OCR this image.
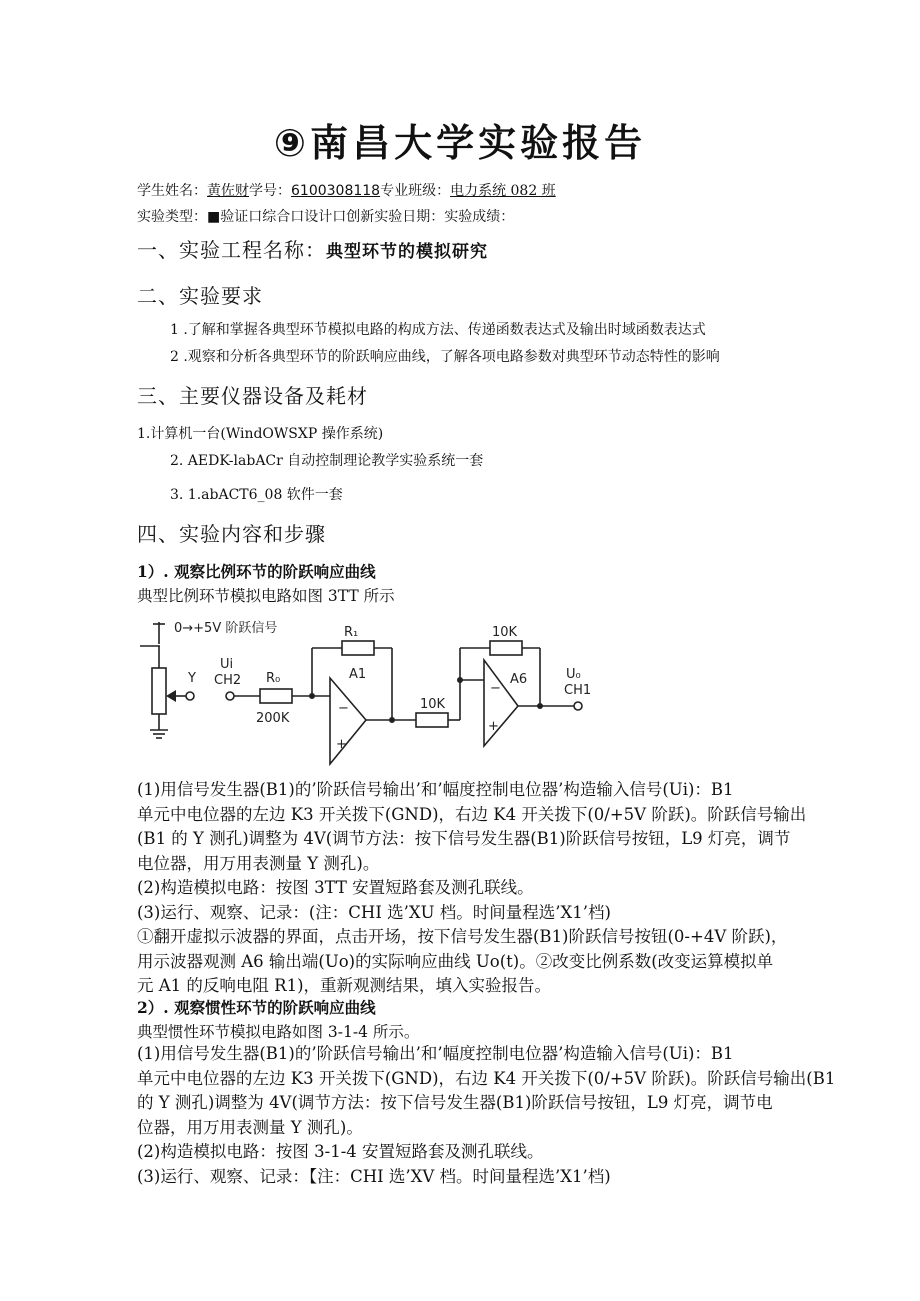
⑨南昌大学实验报告
学生姓名：黄佐财学号：6100308118专业班级：电力系统 082 班
实验类型：■验证口综合口设计口创新实验日期：实验成绩：
一、实验工程名称：典型环节的模拟研究
二、实验要求
1 .了解和掌握各典型环节模拟电路的构成方法、传递函数表达式及输出时域函数表达式
2 .观察和分析各典型环节的阶跃响应曲线，了解各项电路参数对典型环节动态特性的影响
三、主要仪器设备及耗材
1.计算机一台(WindOWSXP 操作系统)
2. AEDK-labACr 自动控制理论教学实验系统一套
3. 1.abACT6_08 软件一套
四、实验内容和步骤
1）. 观察比例环节的阶跃响应曲线
典型比例环节模拟电路如图 3TT 所示
0→+5V 阶跃信号
Ui
CH2
Y	R₀
200K
R₁
A1
−
+
10K
10K
A6
−
+
U₀
CH1
(1)用信号发生器(B1)的’阶跃信号输出’和’幅度控制电位器’构造输入信号(Ui)：B1
单元中电位器的左边 K3 开关拨下(GND)，右边 K4 开关拨下(0/+5V 阶跃)。阶跃信号输出
(B1 的 Y 测孔)调整为 4V(调节方法：按下信号发生器(B1)阶跃信号按钮，L9 灯亮，调节
电位器，用万用表测量 Y 测孔)。
(2)构造模拟电路：按图 3TT 安置短路套及测孔联线。
(3)运行、观察、记录：(注：CHI 选’XU 档。时间量程选’X1’档)
①翻开虚拟示波器的界面，点击开场，按下信号发生器(B1)阶跃信号按钮(0-+4V 阶跃)，
用示波器观测 A6 输出端(Uo)的实际响应曲线 Uo(t)。②改变比例系数(改变运算模拟单
元 A1 的反响电阻 R1)，重新观测结果，填入实验报告。
2）. 观察惯性环节的阶跃响应曲线
典型惯性环节模拟电路如图 3-1-4 所示。
(1)用信号发生器(B1)的’阶跃信号输出’和’幅度控制电位器’构造输入信号(Ui)：B1
单元中电位器的左边 K3 开关拨下(GND)，右边 K4 开关拨下(0/+5V 阶跃)。阶跃信号输出(B1
的 Y 测孔)调整为 4V(调节方法：按下信号发生器(B1)阶跃信号按钮，L9 灯亮，调节电
位器，用万用表测量 Y 测孔)。
(2)构造模拟电路：按图 3-1-4 安置短路套及测孔联线。
(3)运行、观察、记录：【注：CHI 选’XV 档。时间量程选’X1’档)
